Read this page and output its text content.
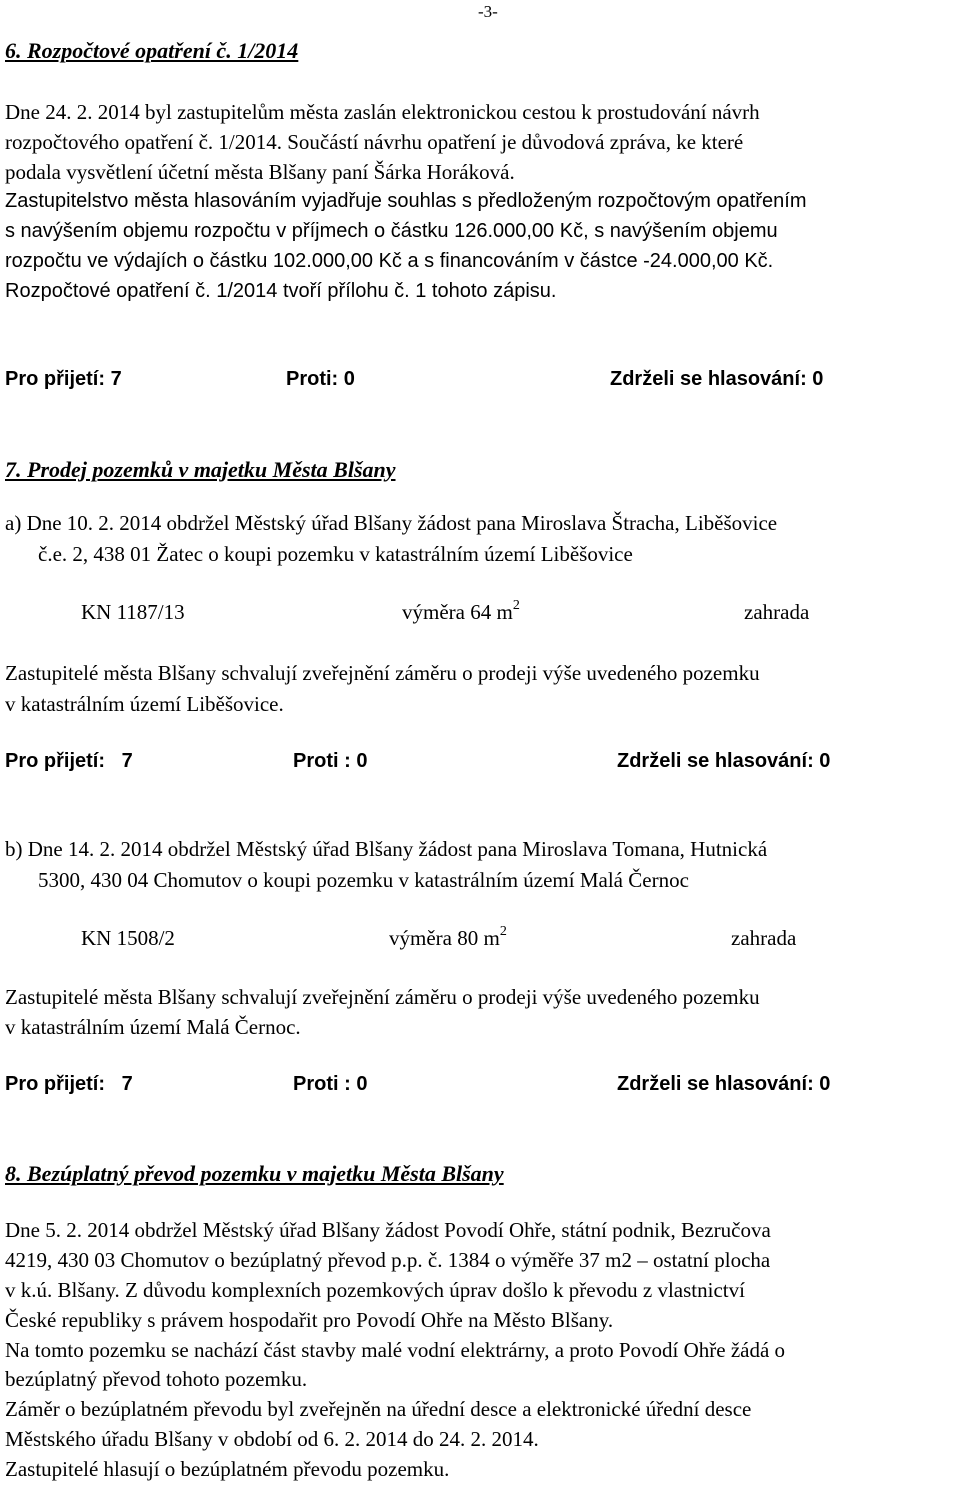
-3-
6. Rozpočtové opatření č. 1/2014
Dne 24. 2. 2014 byl zastupitelům města zaslán elektronickou cestou k prostudování návrh
rozpočtového opatření č. 1/2014. Součástí návrhu opatření je důvodová zpráva, ke které
podala vysvětlení účetní města Blšany paní Šárka Horáková.
Zastupitelstvo města hlasováním vyjadřuje souhlas s předloženým rozpočtovým opatřením
s navýšením objemu rozpočtu v příjmech o částku 126.000,00 Kč, s navýšením objemu
rozpočtu ve výdajích o částku 102.000,00 Kč a s financováním v částce -24.000,00 Kč.
Rozpočtové opatření č. 1/2014 tvoří přílohu č. 1 tohoto zápisu.
Pro přijetí: 7	Proti: 0	Zdrželi se hlasování: 0
7. Prodej pozemků v majetku Města Blšany
a) Dne 10. 2. 2014 obdržel Městský úřad Blšany žádost pana Miroslava Štracha, Liběšovice
č.e. 2, 438 01 Žatec o koupi pozemku v katastrálním území Liběšovice
KN 1187/13	výměra 64 $m^2$	zahrada
Zastupitelé města Blšany schvalují zveřejnění záměru o prodeji výše uvedeného pozemku
v katastrálním území Liběšovice.
Pro přijetí:   7	Proti : 0	Zdrželi se hlasování: 0
b) Dne 14. 2. 2014 obdržel Městský úřad Blšany žádost pana Miroslava Tomana, Hutnická
5300, 430 04 Chomutov o koupi pozemku v katastrálním území Malá Černoc
KN 1508/2	výměra 80 $m^2$	zahrada
Zastupitelé města Blšany schvalují zveřejnění záměru o prodeji výše uvedeného pozemku
v katastrálním území Malá Černoc.
Pro přijetí:   7	Proti : 0	Zdrželi se hlasování: 0
8. Bezúplatný převod pozemku v majetku Města Blšany
Dne 5. 2. 2014 obdržel Městský úřad Blšany žádost Povodí Ohře, státní podnik, Bezručova
4219, 430 03 Chomutov o bezúplatný převod p.p. č. 1384 o výměře 37 m2 – ostatní plocha
v k.ú. Blšany. Z důvodu komplexních pozemkových úprav došlo k převodu z vlastnictví
České republiky s právem hospodařit pro Povodí Ohře na Město Blšany.
Na tomto pozemku se nachází část stavby malé vodní elektrárny, a proto Povodí Ohře žádá o
bezúplatný převod tohoto pozemku.
Záměr o bezúplatném převodu byl zveřejněn na úřední desce a elektronické úřední desce
Městského úřadu Blšany v období od 6. 2. 2014 do 24. 2. 2014.
Zastupitelé hlasují o bezúplatném převodu pozemku.
